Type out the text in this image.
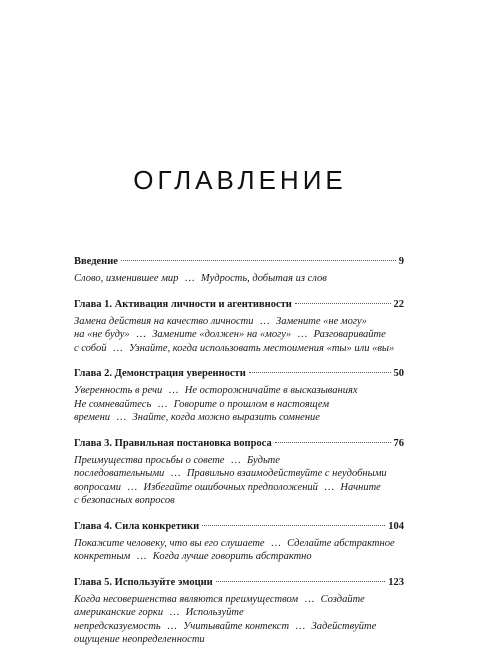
ОГЛАВЛЕНИЕ
Введение	9
Слово, изменившее мир … Мудрость, добытая из слов
Глава 1. Активация личности и агентивности	22
Замена действия на качество личности … Замените «не могу»
на «не буду» … Замените «должен» на «могу» … Разговаривайте
с собой … Узнайте, когда использовать местоимения «ты» или «вы»
Глава 2. Демонстрация уверенности	50
Уверенность в речи … Не осторожничайте в высказываниях
Не сомневайтесь … Говорите о прошлом в настоящем
времени … Знайте, когда можно выразить сомнение
Глава 3. Правильная постановка вопроса	76
Преимущества просьбы о совете … Будьте
последовательными … Правильно взаимодействуйте с неудобными
вопросами … Избегайте ошибочных предположений … Начните
с безопасных вопросов
Глава 4. Сила конкретики	104
Покажите человеку, что вы его слушаете … Сделайте абстрактное
конкретным … Когда лучше говорить абстрактно
Глава 5. Используйте эмоции	123
Когда несовершенства являются преимуществом … Создайте
американские горки … Используйте
непредсказуемость … Учитывайте контекст … Задействуйте
ощущение неопределенности
